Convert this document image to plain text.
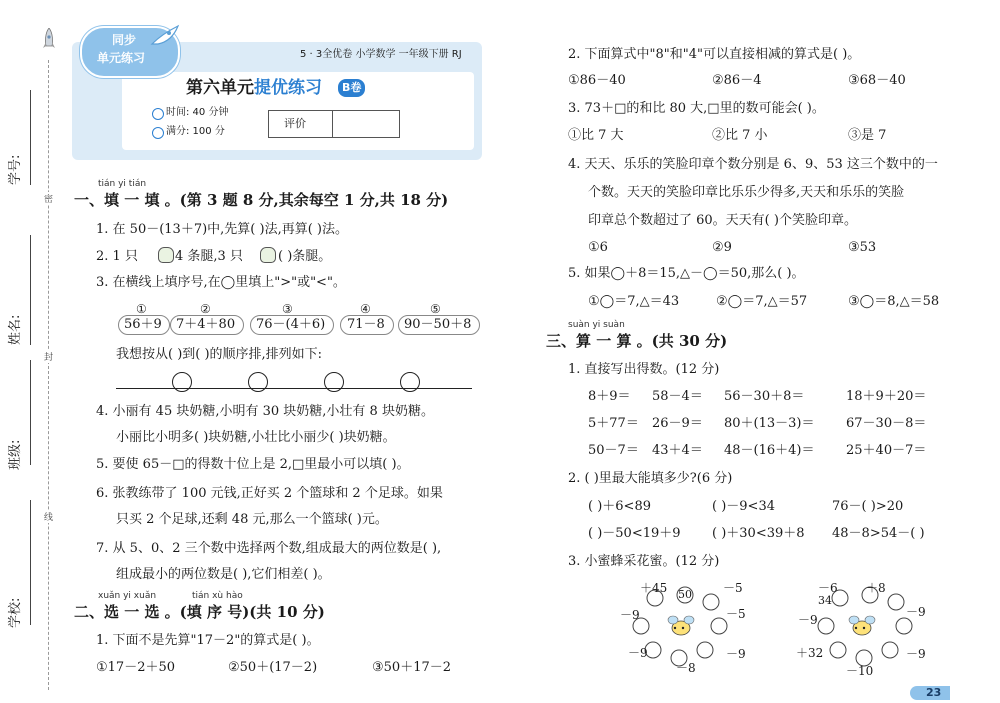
密
封
线
学号:
姓名:
班级:
学校:
同步
单元练习	5 · 3全优卷 小学数学 一年级下册 RJ
第六单元提优练习	B卷
时间: 40 分钟
满分: 100 分
评价
tián yi tián
一、填 一 填 。(第 3 题 8 分,其余每空 1 分,共 18 分)
1. 在 50－(13＋7)中,先算( )法,再算( )法。
2. 1 只	4 条腿,3 只	( )条腿。
3. 在横线上填序号,在◯里填上">"或"<"。
①
56＋9
②
7＋4＋80
③
76－(4＋6)
④
71－8
⑤
90－50＋8
我想按从( )到( )的顺序排,排列如下:
4. 小丽有 45 块奶糖,小明有 30 块奶糖,小壮有 8 块奶糖。
小丽比小明多( )块奶糖,小壮比小丽少( )块奶糖。
5. 要使 65－□的得数十位上是 2,□里最小可以填( )。
6. 张教练带了 100 元钱,正好买 2 个篮球和 2 个足球。如果
只买 2 个足球,还剩 48 元,那么一个篮球( )元。
7. 从 5、0、2 三个数中选择两个数,组成最大的两位数是( ),
组成最小的两位数是( ),它们相差( )。
xuǎn yi xuǎn	tián xù hào
二、选 一 选 。(填 序 号)(共 10 分)
1. 下面不是先算"17－2"的算式是( )。
①17－2＋50	②50＋(17－2)	③50＋17－2
2. 下面算式中"8"和"4"可以直接相减的算式是( )。
①86－40	②86－4	③68－40
3. 73＋□的和比 80 大,□里的数可能会( )。
①比 7 大	②比 7 小	③是 7
4. 天天、乐乐的笑脸印章个数分别是 6、9、53 这三个数中的一
个数。天天的笑脸印章比乐乐少得多,天天和乐乐的笑脸
印章总个数超过了 60。天天有( )个笑脸印章。
①6	②9	③53
5. 如果◯＋8＝15,△－◯＝50,那么( )。
①◯＝7,△＝43	②◯＝7,△＝57	③◯＝8,△＝58
suàn yi suàn
三、算 一 算 。(共 30 分)
1. 直接写出得数。(12 分)
8＋9＝ 58－4＝ 56－30＋8＝	18＋9＋20＝
5＋77＝ 26－9＝ 80＋(13－3)＝ 67－30－8＝
50－7＝ 43＋4＝ 48－(16＋4)＝ 25＋40－7＝
2. ( )里最大能填多少?(6 分)
( )＋6<89	( )－9<34	76－( )>20
( )－50<19＋9 ( )＋30<39＋8 48－8>54－( )
3. 小蜜蜂采花蜜。(12 分)
50
＋45	－5
－9	－5
－9	－9
－8
34
－6 ＋8
－9
－9
＋32	－9
－10
23
